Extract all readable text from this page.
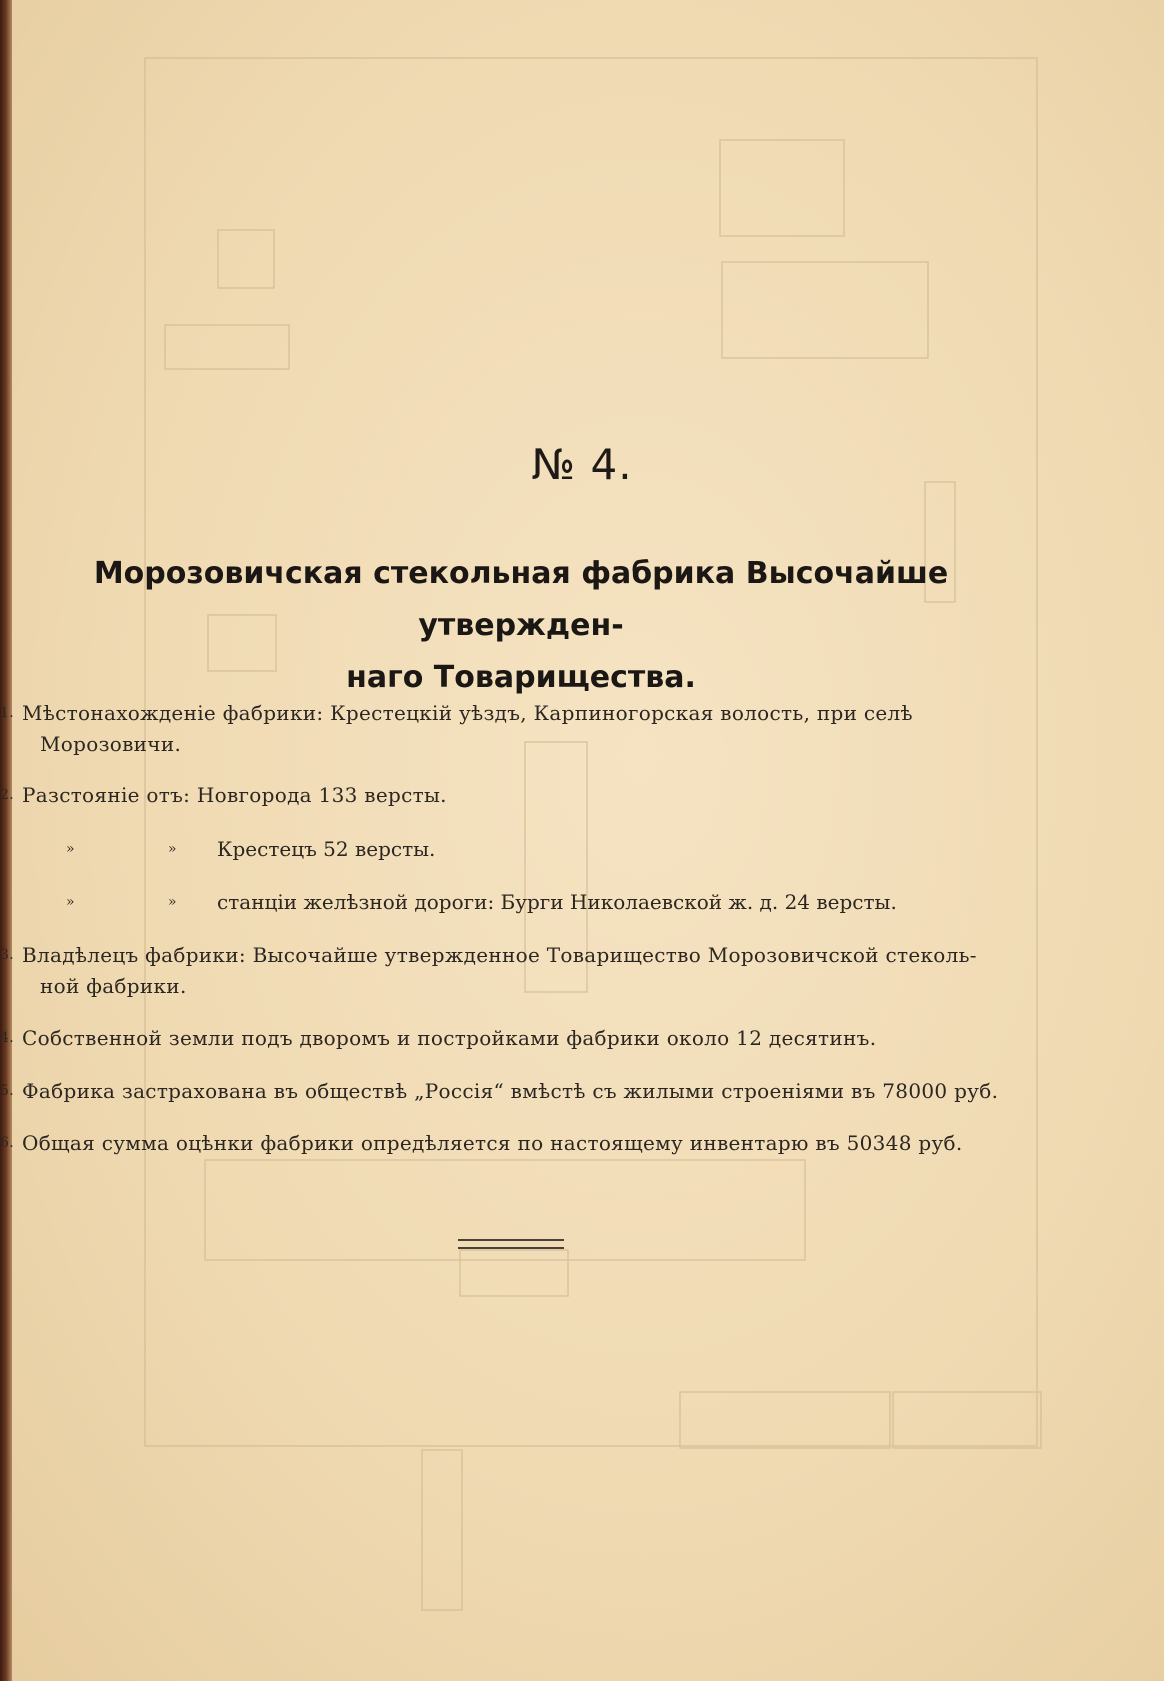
№ 4.
Морозовичская стекольная фабрика Высочайше утвержден-
наго Товарищества.
1. Мѣстонахожденіе фабрики: Крестецкій уѣздъ, Карпиногорская волость, при селѣ
Морозовичи.
2. Разстояніе отъ: Новгорода 133 версты.
»	» Крестецъ 52 версты.
»	» станціи желѣзной дороги: Бурги Николаевской ж. д. 24 версты.
3. Владѣлецъ фабрики: Высочайше утвержденное Товарищество Морозовичской стеколь-
ной фабрики.
4. Собственной земли подъ дворомъ и постройками фабрики около 12 десятинъ.
5. Фабрика застрахована въ обществѣ „Россія“ вмѣстѣ съ жилыми строеніями въ 78000 руб.
6. Общая сумма оцѣнки фабрики опредѣляется по настоящему инвентарю въ 50348 руб.
